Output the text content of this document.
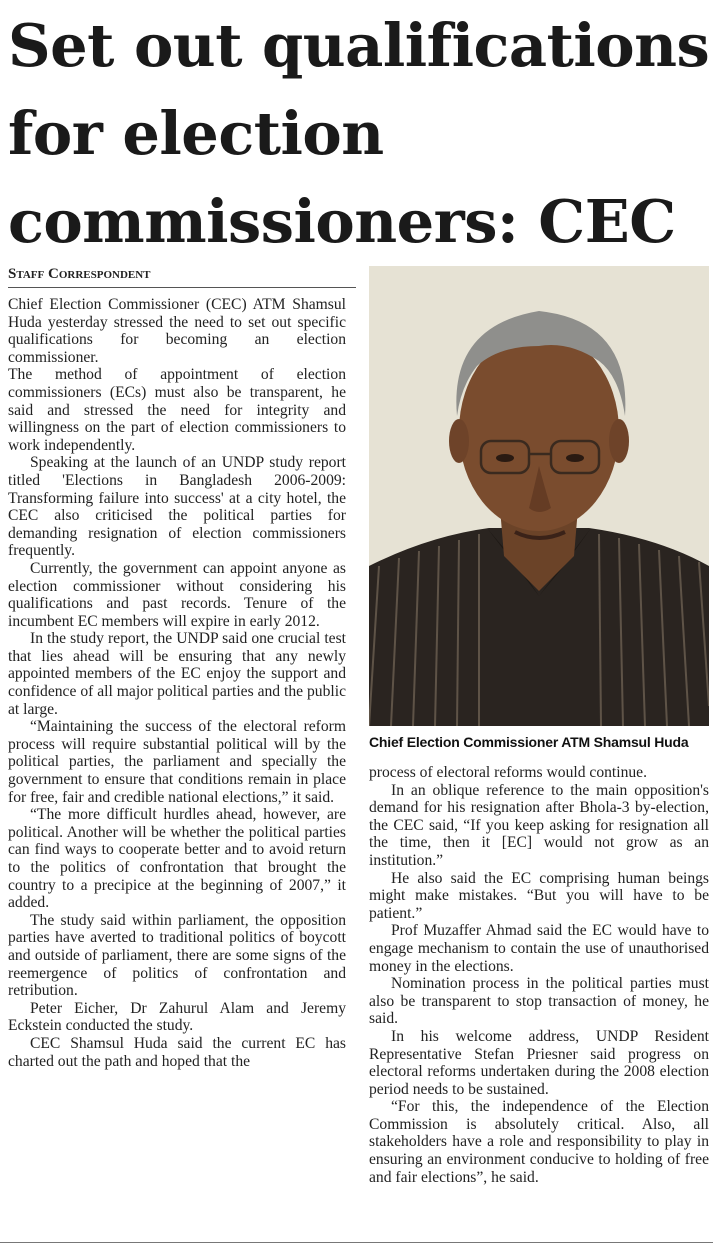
Set out qualifications
for election
commissioners: CEC
Staff Correspondent

Chief Election Commissioner (CEC) ATM Shamsul Huda yesterday stressed the need to set out specific qualifications for becoming an election commissioner.

The method of appointment of election commissioners (ECs) must also be transparent, he said and stressed the need for integrity and willingness on the part of election commissioners to work independently.

Speaking at the launch of an UNDP study report titled 'Elections in Bangladesh 2006-2009: Transforming failure into success' at a city hotel, the CEC also criticised the political parties for demanding resignation of election commissioners frequently.

Currently, the government can appoint anyone as election commissioner without considering his qualifications and past records. Tenure of the incumbent EC members will expire in early 2012.

In the study report, the UNDP said one crucial test that lies ahead will be ensuring that any newly appointed members of the EC enjoy the support and confidence of all major political parties and the public at large.

“Maintaining the success of the electoral reform process will require substantial political will by the political parties, the parliament and specially the government to ensure that conditions remain in place for free, fair and credible national elections,” it said.

“The more difficult hurdles ahead, however, are political. Another will be whether the political parties can find ways to cooperate better and to avoid return to the politics of confrontation that brought the country to a precipice at the beginning of 2007,” it added.

The study said within parliament, the opposition parties have averted to traditional politics of boycott and outside of parliament, there are some signs of the reemergence of politics of confrontation and retribution.

Peter Eicher, Dr Zahurul Alam and Jeremy Eckstein conducted the study.

CEC Shamsul Huda said the current EC has charted out the path and hoped that the

Chief Election Commissioner ATM Shamsul Huda

process of electoral reforms would continue.

In an oblique reference to the main opposition's demand for his resignation after Bhola-3 by-election, the CEC said, “If you keep asking for resignation all the time, then it [EC] would not grow as an institution.”

He also said the EC comprising human beings might make mistakes. “But you will have to be patient.”

Prof Muzaffer Ahmad said the EC would have to engage mechanism to contain the use of unauthorised money in the elections.

Nomination process in the political parties must also be transparent to stop transaction of money, he said.

In his welcome address, UNDP Resident Representative Stefan Priesner said progress on electoral reforms undertaken during the 2008 election period needs to be sustained.

“For this, the independence of the Election Commission is absolutely critical. Also, all stakeholders have a role and responsibility to play in ensuring an environment conducive to holding of free and fair elections”, he said.
